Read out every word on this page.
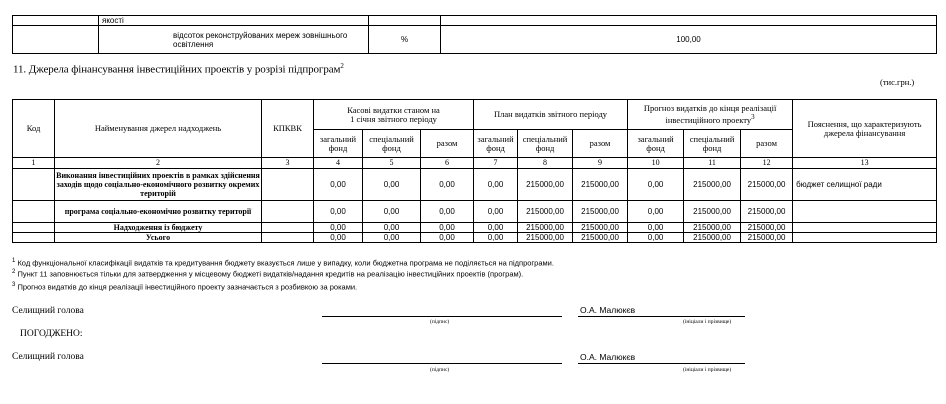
	якості		
	відсоток реконструйованих мереж зовнішнього освітлення	%	100,00
11. Джерела фінансування інвестиційних проектів у розрізі підпрограм$^2$
(тис.грн.)
Код	Найменування джерел надходжень	КПКВК	Касові видатки станом на
1 січня звітного періоду			План видатків звітного періоду			Прогноз видатків до кінця реалізації інвестиційного проекту$^3$			Пояснення, що характеризують джерела фінансування
			загальний фонд	спеціальний фонд	разом	загальний фонд	спеціальний фонд	разом	загальний фонд	спеціальний фонд	разом	
1	2	3	4	5	6	7	8	9	10	11	12	13
	Виконання інвестиційних проектів в рамках здійснення заходів щодо соціально-економічного розвитку окремих територій		0,00	0,00	0,00	0,00	215000,00	215000,00	0,00	215000,00	215000,00	бюджет селищної ради
	програма соціально-економічно розвитку території		0,00	0,00	0,00	0,00	215000,00	215000,00	0,00	215000,00	215000,00	
	Надходження із бюджету		0,00	0,00	0,00	0,00	215000,00	215000,00	0,00	215000,00	215000,00	
	Усього		0,00	0,00	0,00	0,00	215000,00	215000,00	0,00	215000,00	215000,00	
$^1$ Код функціональної класифікації видатків та кредитування бюджету вказується лише у випадку, коли бюджетна програма не поділяється на підпрограми.
$^2$ Пункт 11 заповнюється тільки для затвердження у місцевому бюджеті видатків/надання кредитів на реалізацію інвестиційних проектів (програм).
$^3$ Прогноз видатків до кінця реалізації інвестиційного проекту зазначається з розбивкою за роками.
Селищний голова
(підпис)
О.А. Малюкєв
(ініціали і прізвище)
ПОГОДЖЕНО:
Селищний голова
(підпис)
О.А. Малюкєв
(ініціали і прізвище)
